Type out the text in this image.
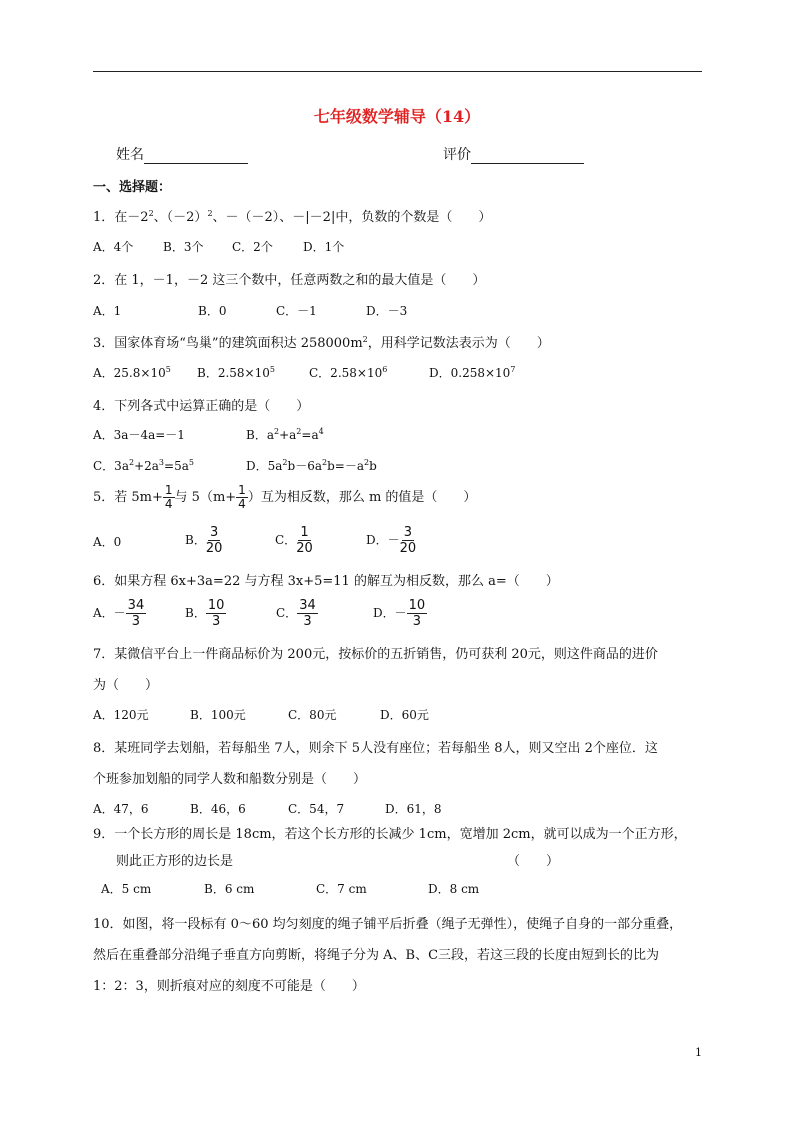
七年级数学辅导（14）
姓名	评价
一、选择题：
1．在$-2^2$、$(-2)^2$、－（－2）、－|－2|中，负数的个数是（　　）
A．4个 B．3个 C．2个	D．1个
2．在 1，－1，－2 这三个数中，任意两数之和的最大值是（　　）
A．1	B．0	C．－1	D．－3
3．国家体育场“鸟巢”的建筑面积达 $258000m^2$，用科学记数法表示为（　　）
A．$25.8\times 10^5$ B．$2.58\times 10^5$	C．$2.58\times 10^6$	D．$0.258\times 10^7$
4．下列各式中运算正确的是（　　）
A．3a－4a=－1	B．$a^2+a^2=a^4$
C．$3a^2+2a^3=5a^5$	D．$5a^2b-6a^2b=-a^2b$
5．若 $5m+ \frac{1}{4}$ 与 $5(m+ \frac{1}{4}$ ）互为相反数，那么 m 的值是（　　）
A．0	B． $\frac{3}{20}$	C． $\frac{1}{20}$	D．－ $\frac{3}{20}$
6．如果方程 6x+3a=22 与方程 3x+5=11 的解互为相反数，那么 a=（　　）
A．－ $\frac{34}{3}$	B． $\frac{10}{3}$	C． $\frac{34}{3}$	D．－ $\frac{10}{3}$
7．某微信平台上一件商品标价为 200元，按标价的五折销售，仍可获利 20元，则这件商品的进价
为（　　）
A．120元	B．100元	C．80元	D．60元
8．某班同学去划船，若每船坐 7人，则余下 5人没有座位；若每船坐 8人，则又空出 2个座位．这
个班参加划船的同学人数和船数分别是（　　）
A．47，6	B．46，6	C．54，7	D．61，8
9．一个长方形的周长是 18cm，若这个长方形的长减少 1cm，宽增加 2cm，就可以成为一个正方形，
则此正方形的边长是	（　　）
A．5 cm	B．6 cm	C．7 cm	D．8 cm
10．如图，将一段标有 0～60 均匀刻度的绳子铺平后折叠（绳子无弹性），使绳子自身的一部分重叠，
然后在重叠部分沿绳子垂直方向剪断，将绳子分为 A、B、C三段，若这三段的长度由短到长的比为
1：2：3，则折痕对应的刻度不可能是（　　）
1
